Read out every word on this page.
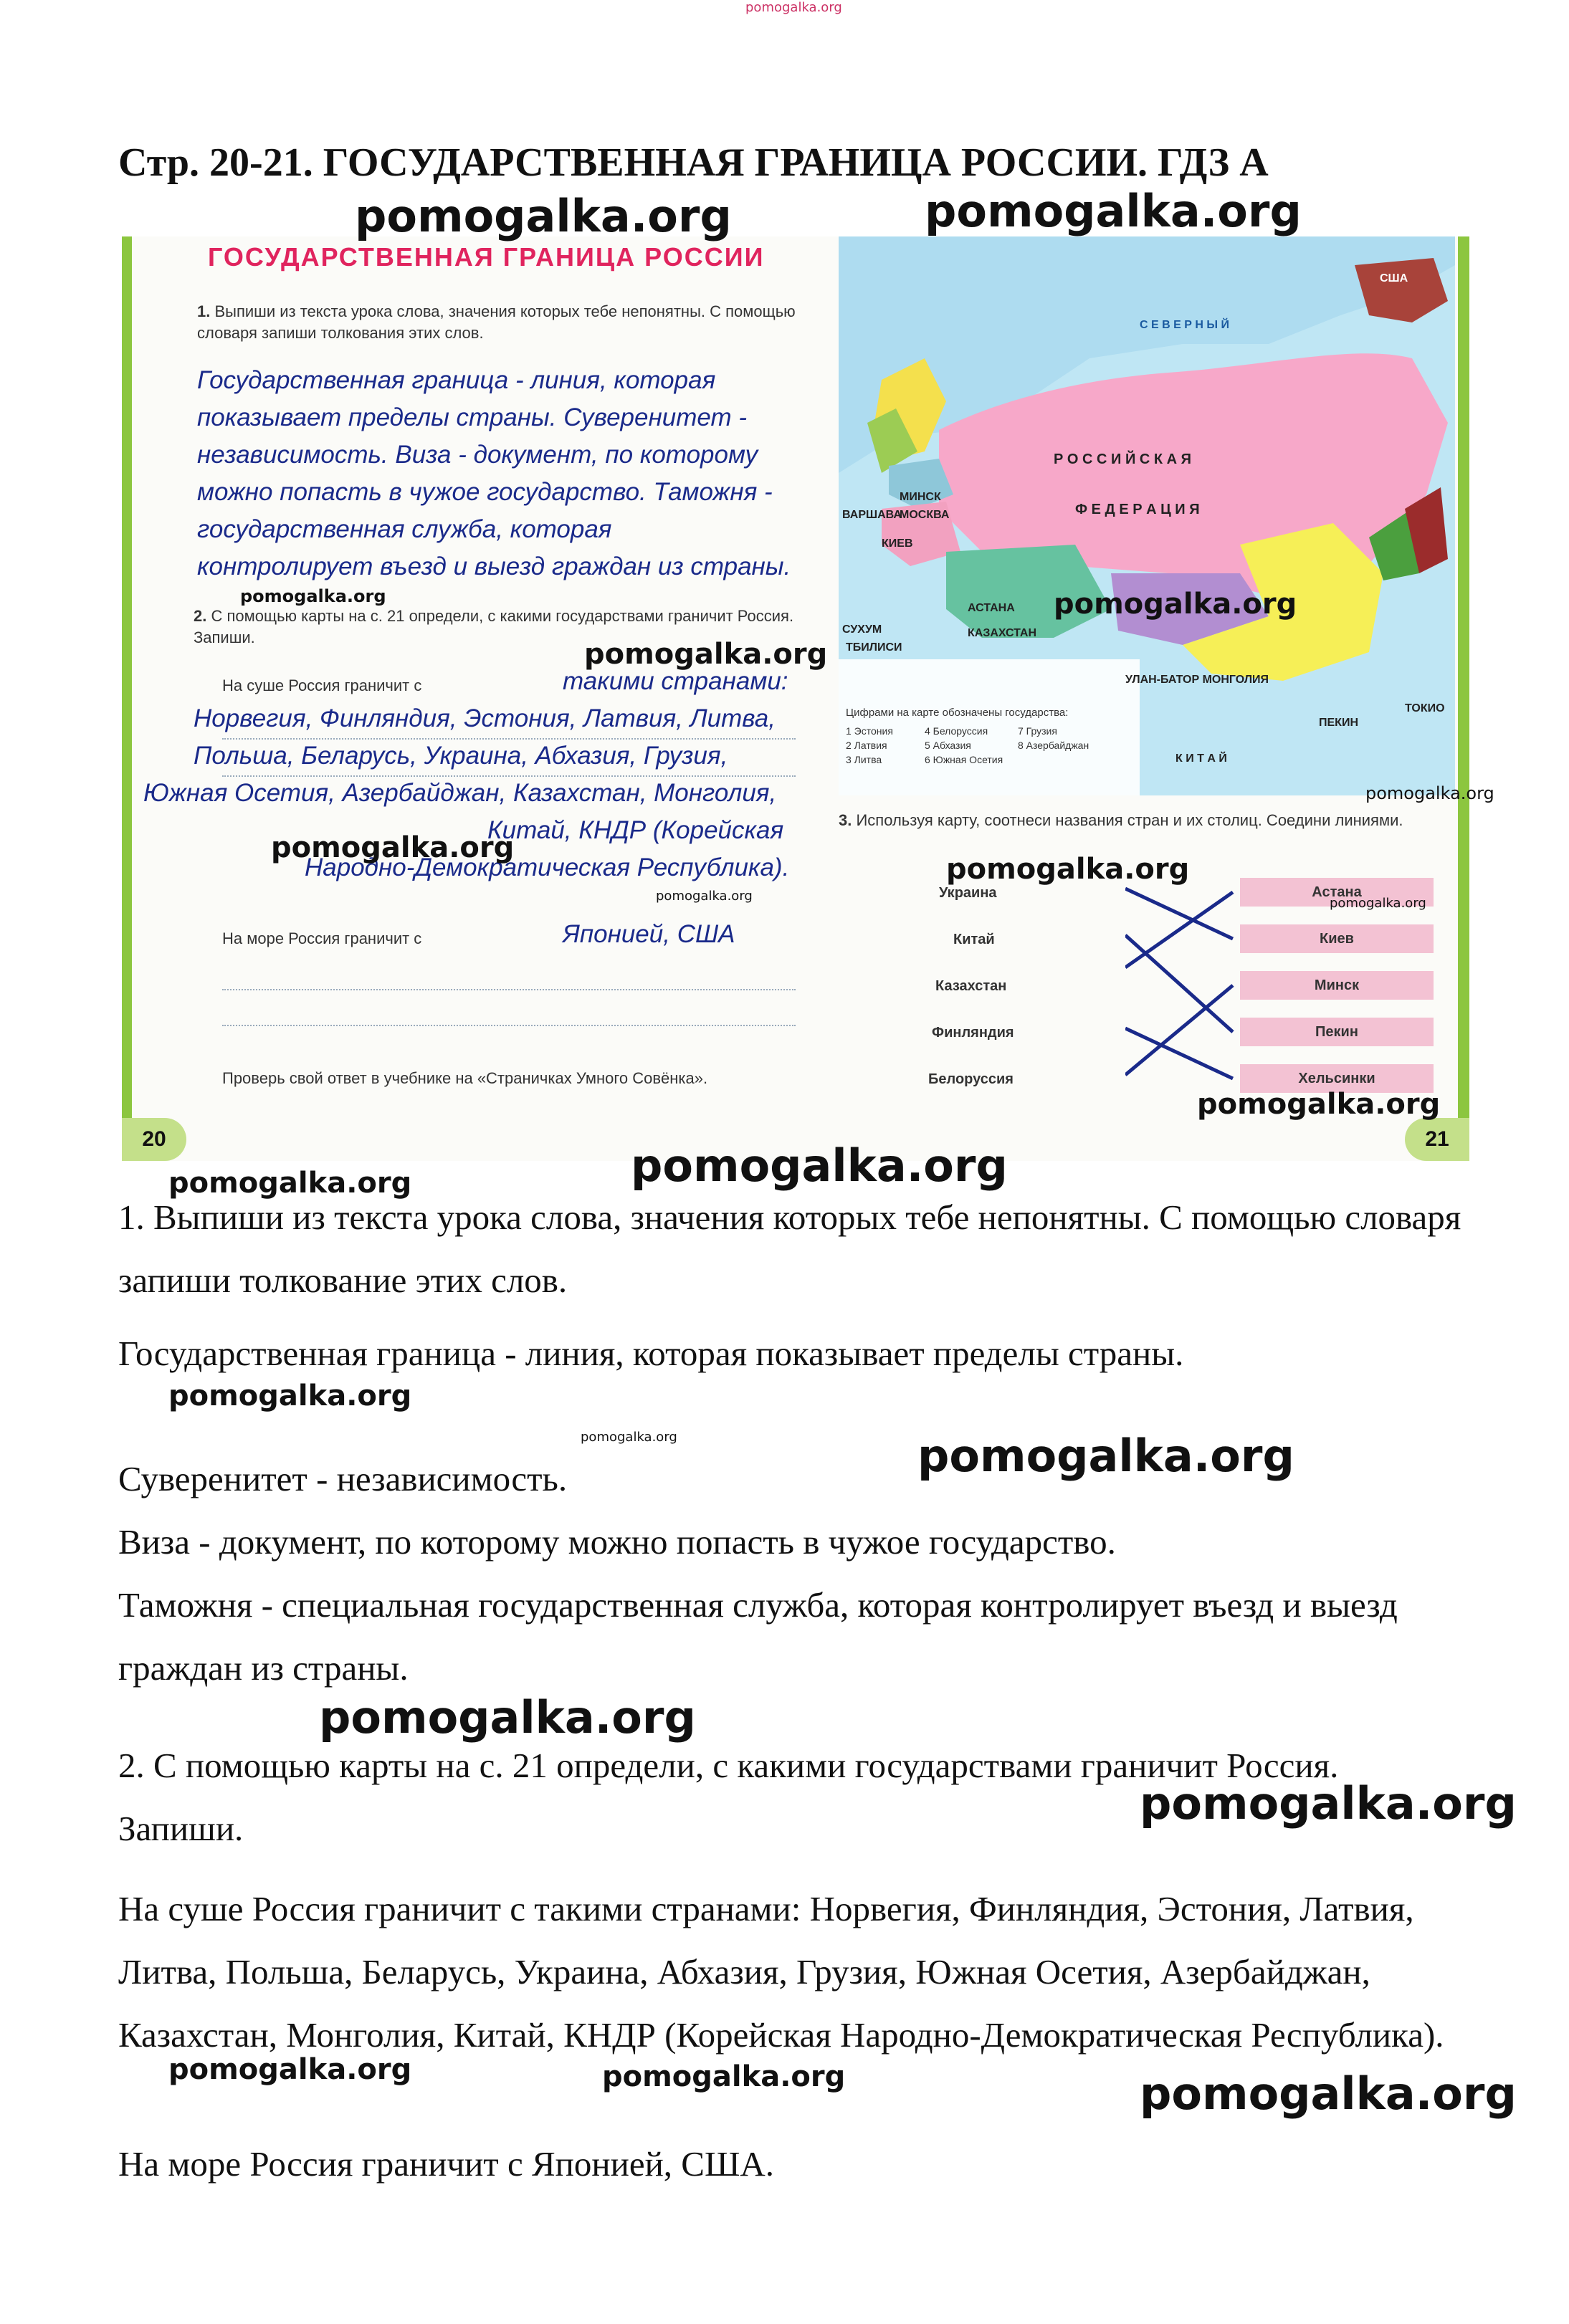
pomogalka.org
Стр. 20-21. ГОСУДАРСТВЕННАЯ ГРАНИЦА РОССИИ. ГДЗ А
ГОСУДАРСТВЕННАЯ ГРАНИЦА РОССИИ
1. Выпиши из текста урока слова, значения которых тебе непонятны. С помощью словаря запиши толкования этих слов.
Государственная граница - линия, которая
показывает пределы страны. Суверенитет -
независимость. Виза - документ, по которому
можно попасть в чужое государство. Таможня -
государственная служба, которая
контролирует въезд и выезд граждан из страны.
2. С помощью карты на с. 21 определи, с какими государствами граничит Россия. Запиши.
На суше Россия граничит с	такими странами:
Норвегия, Финляндия, Эстония, Латвия, Литва,
Польша, Беларусь, Украина, Абхазия, Грузия,
Южная Осетия, Азербайджан, Казахстан, Монголия,
Китай, КНДР (Корейская
Народно-Демократическая Республика).
На море Россия граничит с	Японией, США
Проверь свой ответ в учебнике на «Страничках Умного Совёнка».
20	21
США
С Е В Е Р Н Ы Й
Р О С С И Й С К А Я
Ф Е Д Е Р А Ц И Я
КАЗАХСТАН
АСТАНА
УЛАН-БАТОР МОНГОЛИЯ
К И Т А Й
ПЕКИН
ТОКИО
МОСКВА
МИНСК
ВАРШАВА
КИЕВ
СУХУМ
ТБИЛИСИ
Цифрами на карте обозначены государства:
1 Эстония
2 Латвия
3 Литва
4 Белоруссия
5 Абхазия
6 Южная Осетия
7 Грузия
8 Азербайджан
3. Используя карту, соотнеси названия стран и их столиц. Соедини линиями.
Украина
Китай
Казахстан
Финляндия
Белоруссия
Астана
Киев
Минск
Пекин
Хельсинки
1. Выпиши из текста урока слова, значения которых тебе непонятны. С помощью словаря запиши толкование этих слов.
Государственная граница - линия, которая показывает пределы страны.
Суверенитет - независимость.
Виза - документ, по которому можно попасть в чужое государство.
Таможня - специальная государственная служба, которая контролирует въезд и выезд граждан из страны.
2. С помощью карты на с. 21 определи, с какими государствами граничит Россия. Запиши.
На суше Россия граничит с такими странами: Норвегия, Финляндия, Эстония, Латвия, Литва, Польша, Беларусь, Украина, Абхазия, Грузия, Южная Осетия, Азербайджан, Казахстан, Монголия, Китай, КНДР (Корейская Народно-Демократическая Республика).
На море Россия граничит с Японией, США.
pomogalka.org	pomogalka.org
pomogalka.org
pomogalka.org
pomogalka.org
pomogalka.org
pomogalka.org
pomogalka.org
pomogalka.org	pomogalka.org
pomogalka.org
pomogalka.org
pomogalka.org
pomogalka.org
pomogalka.org	pomogalka.org
pomogalka.org
pomogalka.org
pomogalka.org	pomogalka.org	pomogalka.org
